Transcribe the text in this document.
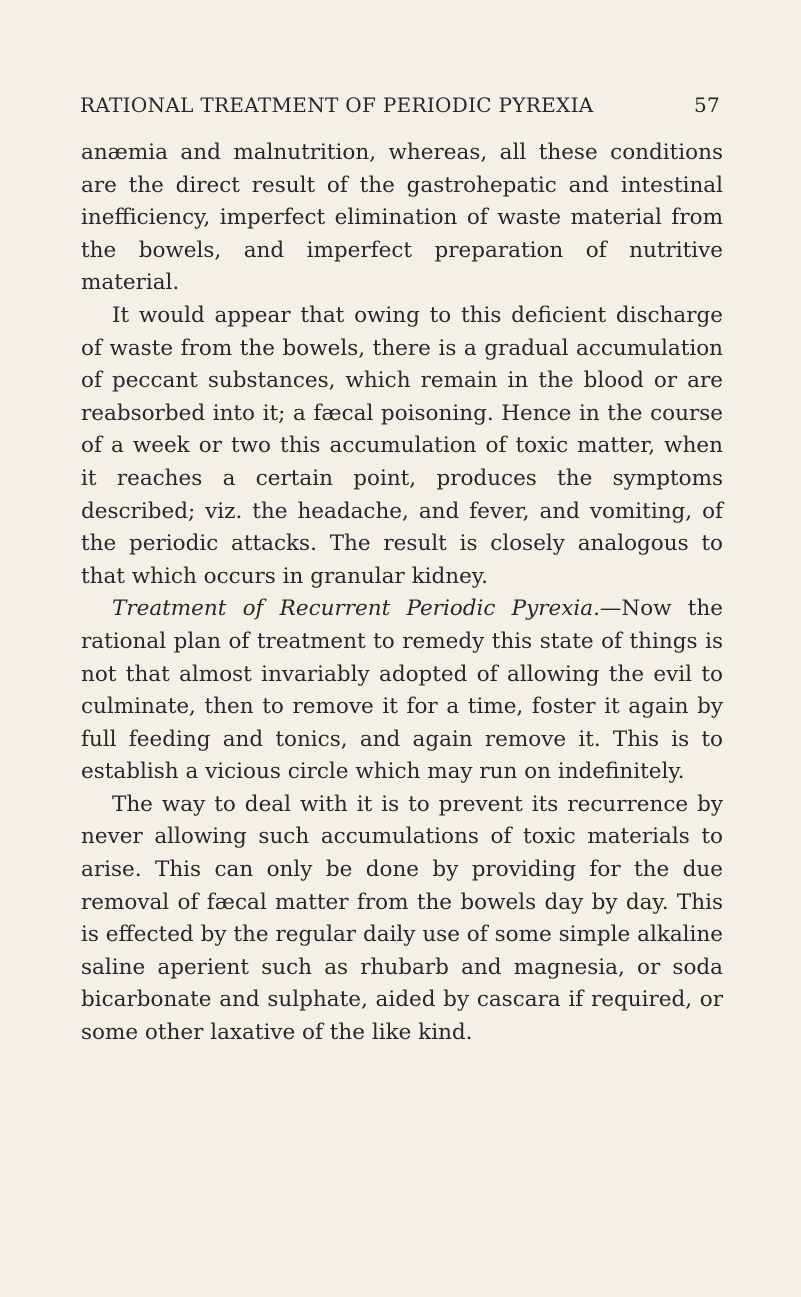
RATIONAL TREATMENT OF PERIODIC PYREXIA	57

anæmia and malnutrition, whereas, all these conditions are the direct result of the gastrohepatic and intestinal inefficiency, imperfect elimination of waste material from the bowels, and imperfect preparation of nutritive material.

It would appear that owing to this deficient discharge of waste from the bowels, there is a gradual accumulation of peccant substances, which remain in the blood or are reabsorbed into it; a fæcal poisoning. Hence in the course of a week or two this accumulation of toxic matter, when it reaches a certain point, produces the symptoms described; viz. the headache, and fever, and vomiting, of the periodic attacks. The result is closely analogous to that which occurs in granular kidney.

Treatment of Recurrent Periodic Pyrexia.—Now the rational plan of treatment to remedy this state of things is not that almost invariably adopted of allowing the evil to culminate, then to remove it for a time, foster it again by full feeding and tonics, and again remove it. This is to establish a vicious circle which may run on indefinitely.

The way to deal with it is to prevent its recurrence by never allowing such accumulations of toxic materials to arise. This can only be done by providing for the due removal of fæcal matter from the bowels day by day. This is effected by the regular daily use of some simple alkaline saline aperient such as rhubarb and magnesia, or soda bicarbonate and sulphate, aided by cascara if required, or some other laxative of the like kind.
